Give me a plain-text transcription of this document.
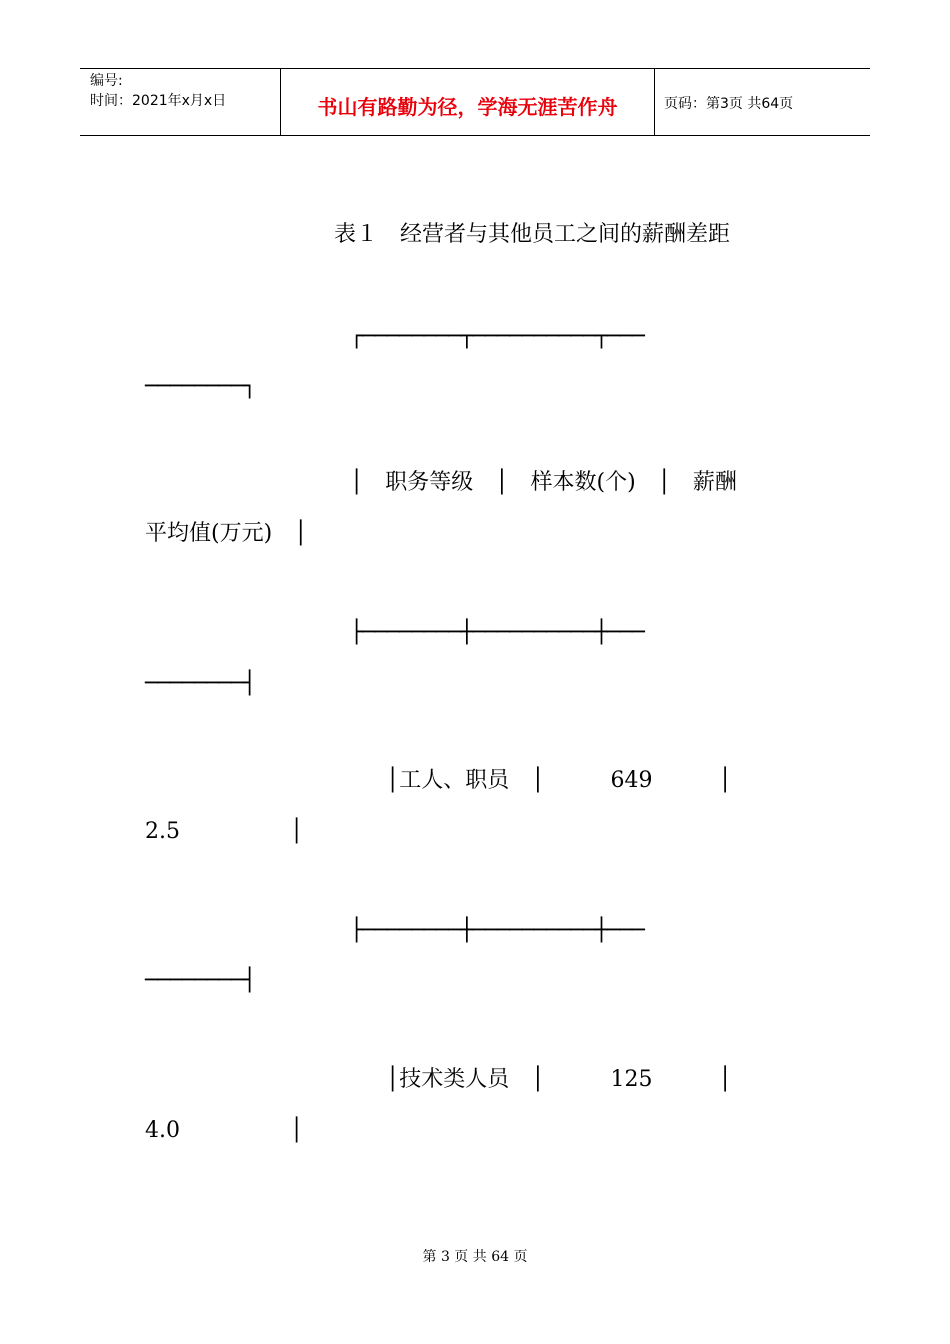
编号:
时间：2021年x月x日	书山有路勤为径，学海无涯苦作舟	页码：第3页 共64页
表１　经营者与其他员工之间的薪酬差距
┌────────┬──────────┬───
────────┐
│　职务等级　│　样本数(个)　│　薪酬
平均值(万元)　│
├────────┼──────────┼───
────────┤
│工人、职员　│　　　649　　　│
2.5　　　　　│
├────────┼──────────┼───
────────┤
│技术类人员　│　　　125　　　│
4.0　　　　　│
第 3 页 共 64 页
